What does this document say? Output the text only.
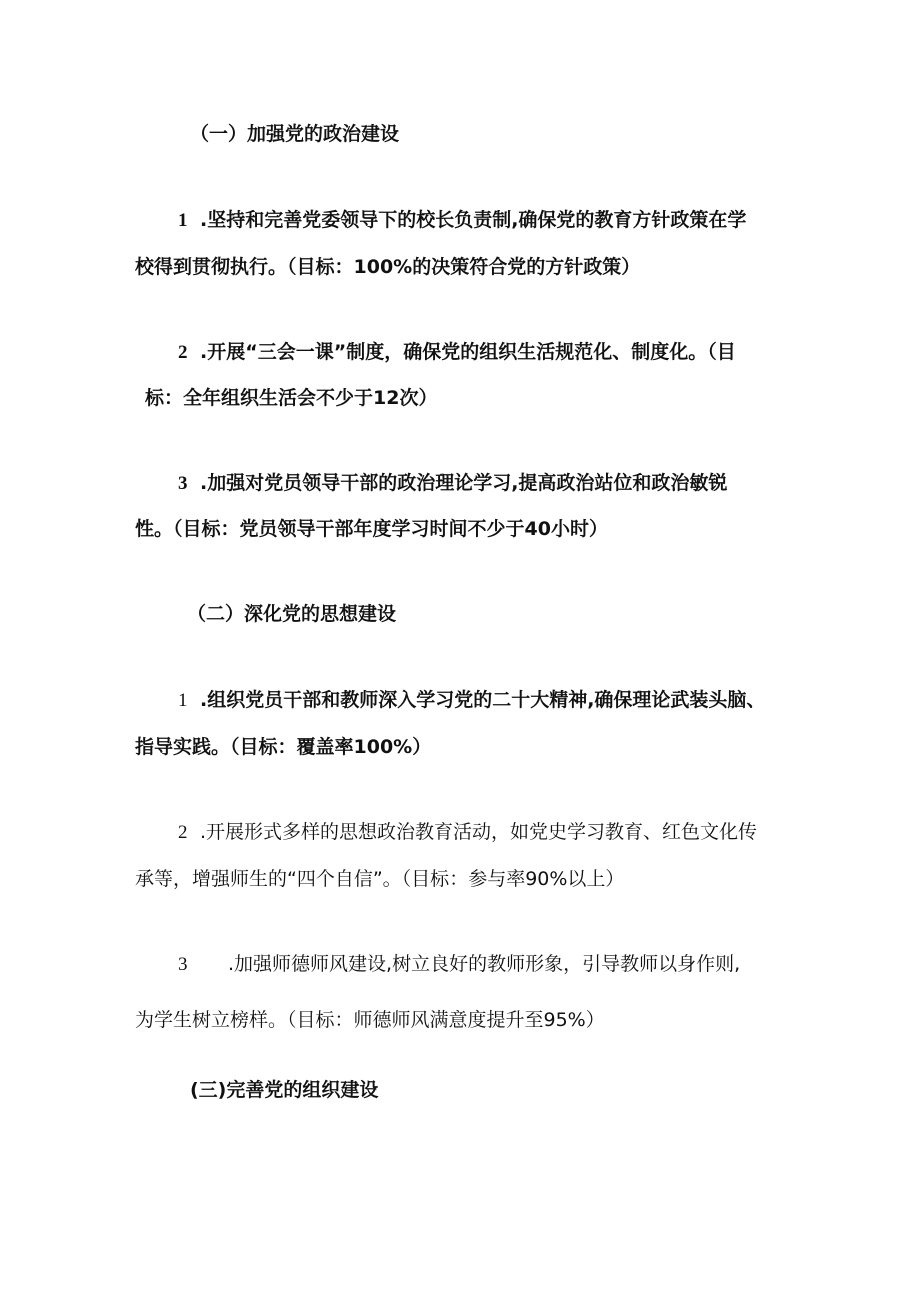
（一）加强党的政治建设
1 .坚持和完善党委领导下的校长负责制,确保党的教育方针政策在学
校得到贯彻执行。（目标：100%的决策符合党的方针政策）
2 .开展“三会一课”制度，确保党的组织生活规范化、制度化。（目
标：全年组织生活会不少于12次）
3 .加强对党员领导干部的政治理论学习,提高政治站位和政治敏锐
性。（目标：党员领导干部年度学习时间不少于40小时）
（二）深化党的思想建设
1 .组织党员干部和教师深入学习党的二十大精神,确保理论武装头脑、
指导实践。（目标：覆盖率100%）
2 .开展形式多样的思想政治教育活动，如党史学习教育、红色文化传
承等，增强师生的“四个自信”。（目标：参与率90%以上）
3 .加强师德师风建设,树立良好的教师形象，引导教师以身作则,
为学生树立榜样。（目标：师德师风满意度提升至95%）
(三)完善党的组织建设
